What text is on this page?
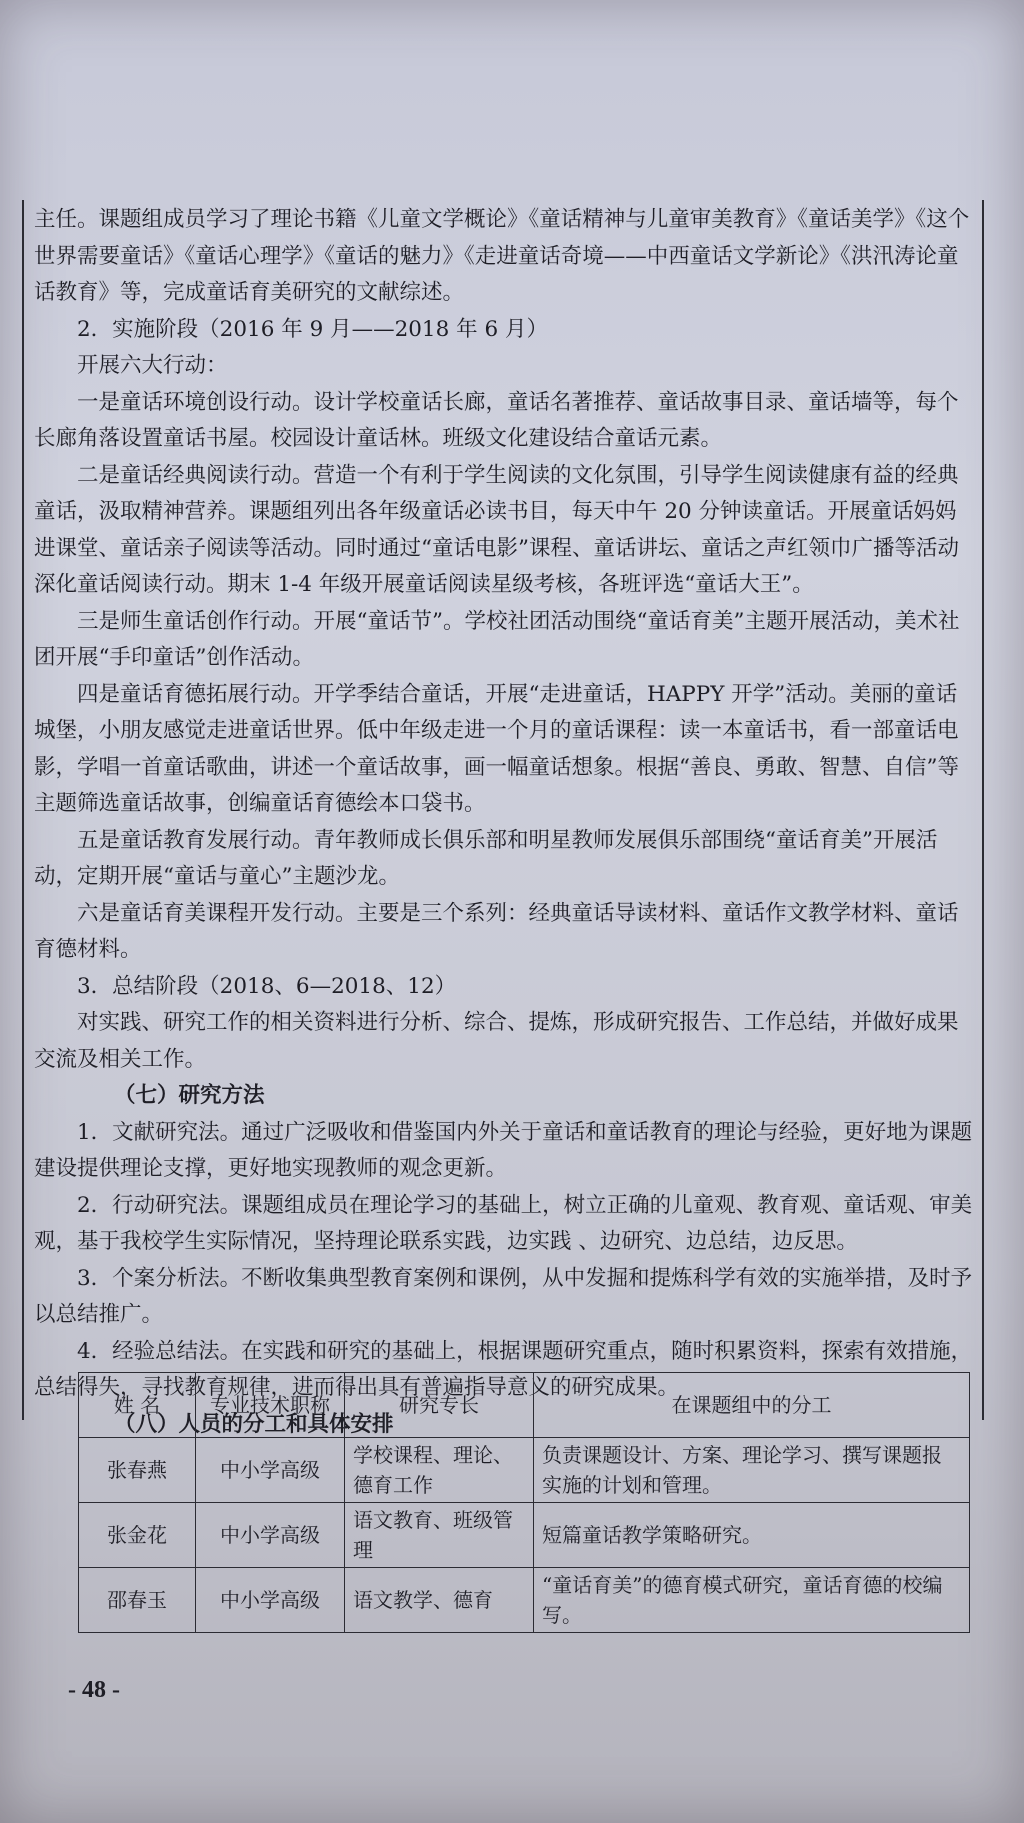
主任。课题组成员学习了理论书籍《儿童文学概论》《童话精神与儿童审美教育》《童话美学》《这个世界需要童话》《童话心理学》《童话的魅力》《走进童话奇境——中西童话文学新论》《洪汛涛论童话教育》等，完成童话育美研究的文献综述。

2．实施阶段（2016 年 9 月——2018 年 6 月）

开展六大行动：

一是童话环境创设行动。设计学校童话长廊，童话名著推荐、童话故事目录、童话墙等，每个长廊角落设置童话书屋。校园设计童话林。班级文化建设结合童话元素。

二是童话经典阅读行动。营造一个有利于学生阅读的文化氛围，引导学生阅读健康有益的经典童话，汲取精神营养。课题组列出各年级童话必读书目，每天中午 20 分钟读童话。开展童话妈妈进课堂、童话亲子阅读等活动。同时通过“童话电影”课程、童话讲坛、童话之声红领巾广播等活动深化童话阅读行动。期末 1-4 年级开展童话阅读星级考核，各班评选“童话大王”。

三是师生童话创作行动。开展“童话节”。学校社团活动围绕“童话育美”主题开展活动，美术社团开展“手印童话”创作活动。

四是童话育德拓展行动。开学季结合童话，开展“走进童话，HAPPY 开学”活动。美丽的童话城堡，小朋友感觉走进童话世界。低中年级走进一个月的童话课程：读一本童话书，看一部童话电影，学唱一首童话歌曲，讲述一个童话故事，画一幅童话想象。根据“善良、勇敢、智慧、自信”等主题筛选童话故事，创编童话育德绘本口袋书。

五是童话教育发展行动。青年教师成长俱乐部和明星教师发展俱乐部围绕“童话育美”开展活动，定期开展“童话与童心”主题沙龙。

六是童话育美课程开发行动。主要是三个系列：经典童话导读材料、童话作文教学材料、童话育德材料。

3．总结阶段（2018、6—2018、12）

对实践、研究工作的相关资料进行分析、综合、提炼，形成研究报告、工作总结，并做好成果交流及相关工作。

（七）研究方法

1．文献研究法。通过广泛吸收和借鉴国内外关于童话和童话教育的理论与经验，更好地为课题建设提供理论支撑，更好地实现教师的观念更新。

2．行动研究法。课题组成员在理论学习的基础上，树立正确的儿童观、教育观、童话观、审美观，基于我校学生实际情况，坚持理论联系实践，边实践 、边研究、边总结，边反思。

3．个案分析法。不断收集典型教育案例和课例，从中发掘和提炼科学有效的实施举措，及时予以总结推广。

4．经验总结法。在实践和研究的基础上，根据课题研究重点，随时积累资料，探索有效措施，总结得失，寻找教育规律，进而得出具有普遍指导意义的研究成果。

（八）人员的分工和具体安排

姓 名	专业技术职称	研究专长	在课题组中的分工
张春燕	中小学高级	学校课程、理论、德育工作	负责课题设计、方案、理论学习、撰写课题报实施的计划和管理。
张金花	中小学高级	语文教育、班级管理	短篇童话教学策略研究。
邵春玉	中小学高级	语文教学、德育	“童话育美”的德育模式研究，童话育德的校编写。
- 48 -
